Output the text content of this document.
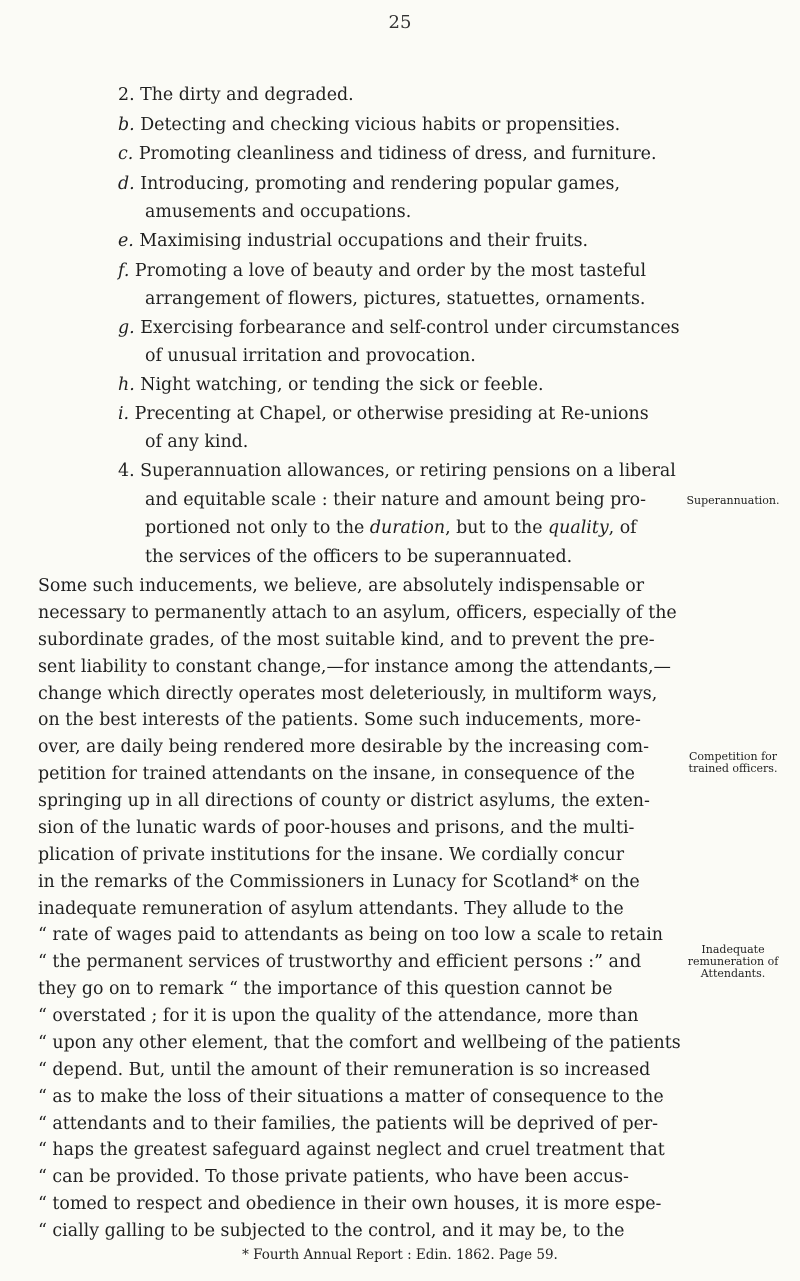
25
2. The dirty and degraded.
b. Detecting and checking vicious habits or propensities.
c. Promoting cleanliness and tidiness of dress, and furniture.
d. Introducing, promoting and rendering popular games,
amusements and occupations.
e. Maximising industrial occupations and their fruits.
f. Promoting a love of beauty and order by the most tasteful
arrangement of flowers, pictures, statuettes, ornaments.
g. Exercising forbearance and self-control under circumstances
of unusual irritation and provocation.
h. Night watching, or tending the sick or feeble.
i. Precenting at Chapel, or otherwise presiding at Re-unions
of any kind.
4. Superannuation allowances, or retiring pensions on a liberal
and equitable scale : their nature and amount being pro-
portioned not only to the duration, but to the quality, of
the services of the officers to be superannuated.
Some such inducements, we believe, are absolutely indispensable or
necessary to permanently attach to an asylum, officers, especially of the
subordinate grades, of the most suitable kind, and to prevent the pre-
sent liability to constant change,—for instance among the attendants,—
change which directly operates most deleteriously, in multiform ways,
on the best interests of the patients. Some such inducements, more-
over, are daily being rendered more desirable by the increasing com-
petition for trained attendants on the insane, in consequence of the
springing up in all directions of county or district asylums, the exten-
sion of the lunatic wards of poor-houses and prisons, and the multi-
plication of private institutions for the insane. We cordially concur
in the remarks of the Commissioners in Lunacy for Scotland* on the
inadequate remuneration of asylum attendants. They allude to the
“ rate of wages paid to attendants as being on too low a scale to retain
“ the permanent services of trustworthy and efficient persons :” and
they go on to remark “ the importance of this question cannot be
“ overstated ; for it is upon the quality of the attendance, more than
“ upon any other element, that the comfort and wellbeing of the patients
“ depend. But, until the amount of their remuneration is so increased
“ as to make the loss of their situations a matter of consequence to the
“ attendants and to their families, the patients will be deprived of per-
“ haps the greatest safeguard against neglect and cruel treatment that
“ can be provided. To those private patients, who have been accus-
“ tomed to respect and obedience in their own houses, it is more espe-
“ cially galling to be subjected to the control, and it may be, to the
Superannuation.
Competition for
trained officers.
Inadequate
remuneration of
Attendants.
* Fourth Annual Report : Edin. 1862. Page 59.
